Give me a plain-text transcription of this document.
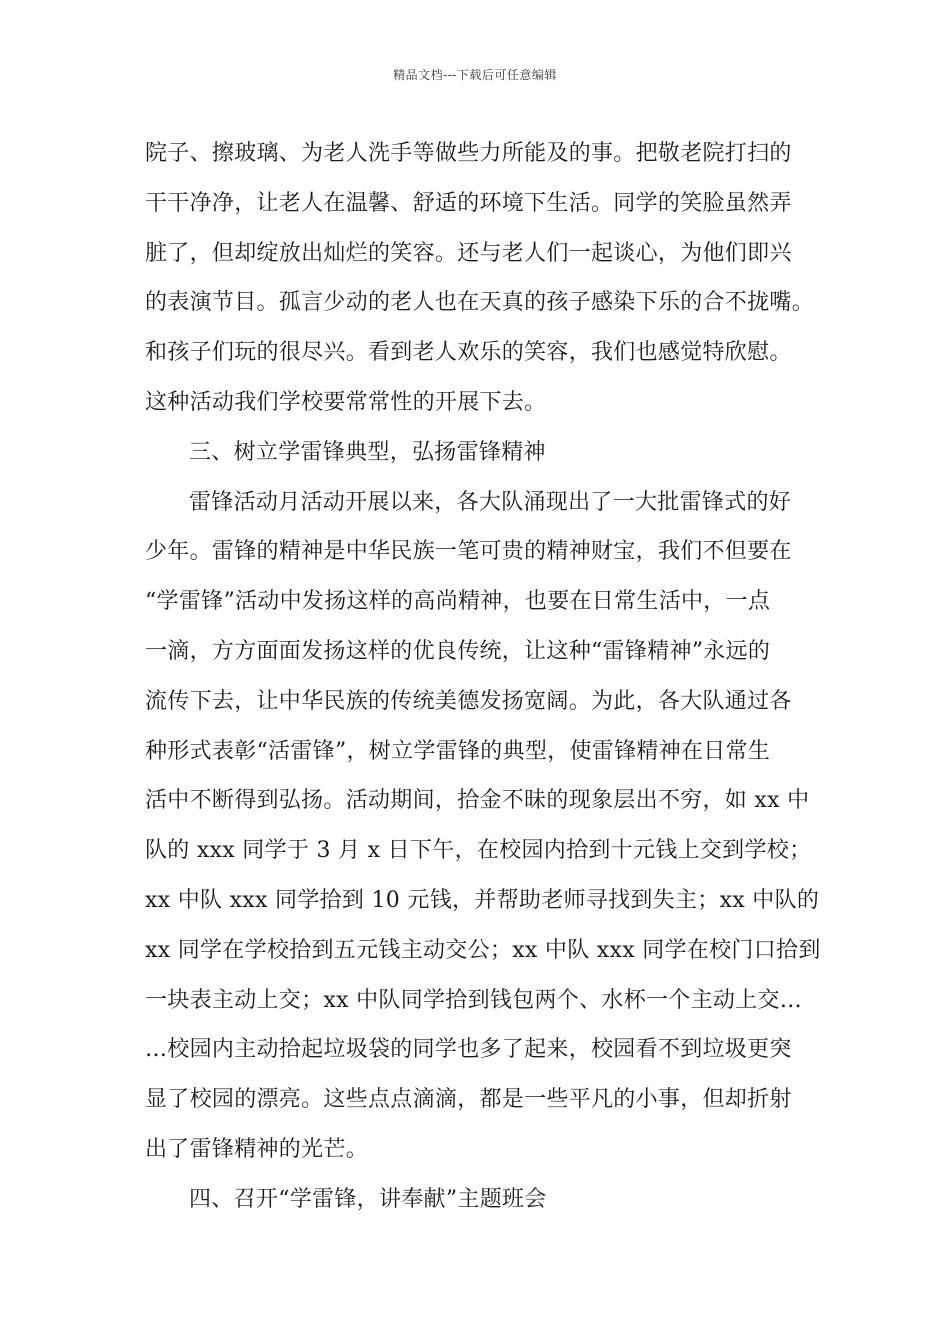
精品文档---下载后可任意编辑
院子、擦玻璃、为老人洗手等做些力所能及的事。把敬老院打扫的
干干净净，让老人在温馨、舒适的环境下生活。同学的笑脸虽然弄
脏了，但却绽放出灿烂的笑容。还与老人们一起谈心，为他们即兴
的表演节目。孤言少动的老人也在天真的孩子感染下乐的合不拢嘴。
和孩子们玩的很尽兴。看到老人欢乐的笑容，我们也感觉特欣慰。
这种活动我们学校要常常性的开展下去。
三、树立学雷锋典型，弘扬雷锋精神
雷锋活动月活动开展以来，各大队涌现出了一大批雷锋式的好
少年。雷锋的精神是中华民族一笔可贵的精神财宝，我们不但要在
“学雷锋”活动中发扬这样的高尚精神，也要在日常生活中，一点
一滴，方方面面发扬这样的优良传统，让这种“雷锋精神”永远的
流传下去，让中华民族的传统美德发扬宽阔。为此，各大队通过各
种形式表彰“活雷锋”，树立学雷锋的典型，使雷锋精神在日常生
活中不断得到弘扬。活动期间，拾金不昧的现象层出不穷，如 xx 中
队的 xxx 同学于 3 月 x 日下午，在校园内拾到十元钱上交到学校；
xx 中队 xxx 同学拾到 10 元钱，并帮助老师寻找到失主；xx 中队的
xx 同学在学校拾到五元钱主动交公；xx 中队 xxx 同学在校门口拾到
一块表主动上交；xx 中队同学拾到钱包两个、水杯一个主动上交…
…校园内主动拾起垃圾袋的同学也多了起来，校园看不到垃圾更突
显了校园的漂亮。这些点点滴滴，都是一些平凡的小事，但却折射
出了雷锋精神的光芒。
四、召开“学雷锋，讲奉献”主题班会
